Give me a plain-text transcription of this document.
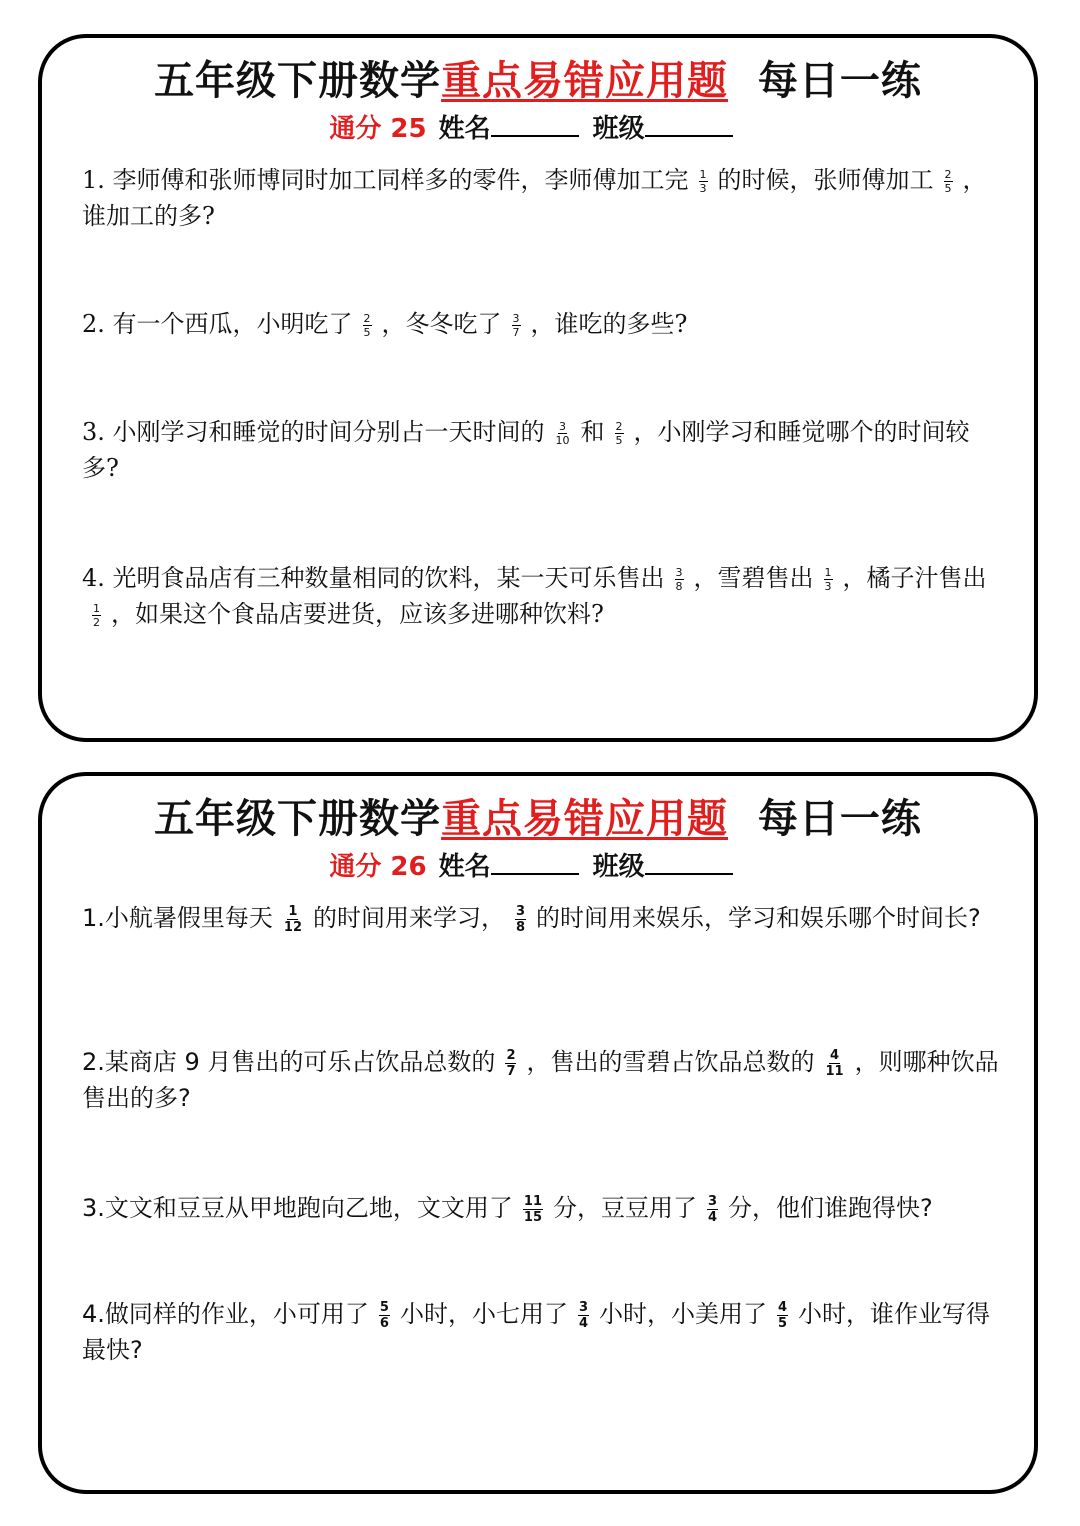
五年级下册数学重点易错应用题 每日一练
通分 25 姓名	班级
1. 李师傅和张师博同时加工同样多的零件，李师傅加工完 $\frac{1}{3}$ 的时候，张师傅加工 $\frac{2}{5}$ ，谁加工的多?
2. 有一个西瓜，小明吃了 $\frac{2}{5}$ ，冬冬吃了 $\frac{3}{7}$ ，谁吃的多些?
3. 小刚学习和睡觉的时间分别占一天时间的 $\frac{3}{10}$ 和 $\frac{2}{5}$ ，小刚学习和睡觉哪个的时间较多?
4. 光明食品店有三种数量相同的饮料，某一天可乐售出 $\frac{3}{8}$ ，雪碧售出 $\frac{1}{3}$ ，橘子汁售出
$\frac{1}{2}$ ，如果这个食品店要进货，应该多进哪种饮料?
五年级下册数学重点易错应用题 每日一练
通分 26 姓名	班级
1.小航暑假里每天 $\frac{1}{12}$ 的时间用来学习， $\frac{3}{8}$ 的时间用来娱乐，学习和娱乐哪个时间长?
2.某商店 9 月售出的可乐占饮品总数的 $\frac{2}{7}$ ，售出的雪碧占饮品总数的 $\frac{4}{11}$ ，则哪种饮品售出的多?
3.文文和豆豆从甲地跑向乙地，文文用了 $\frac{11}{15}$ 分，豆豆用了 $\frac{3}{4}$ 分，他们谁跑得快?
4.做同样的作业，小可用了 $\frac{5}{6}$ 小时，小七用了 $\frac{3}{4}$ 小时，小美用了 $\frac{4}{5}$ 小时，谁作业写得最快?
